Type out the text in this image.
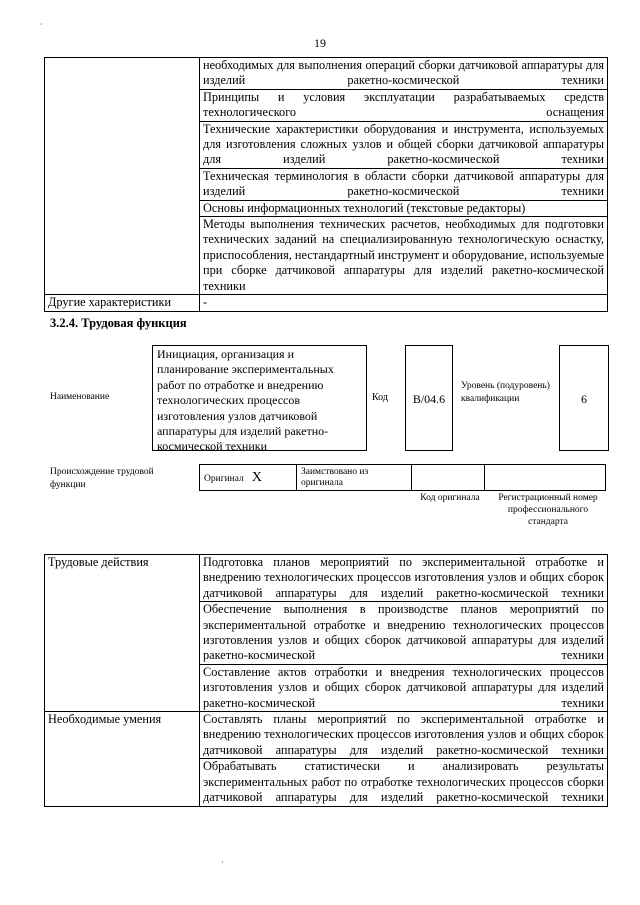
·
19
	необходимых для выполнения операций сборки датчиковой аппаратуры для изделий ракетно-космической техники
	Принципы и условия эксплуатации разрабатываемых средств технологического оснащения
	Технические характеристики оборудования и инструмента, используемых для изготовления сложных узлов и общей сборки датчиковой аппаратуры для изделий ракетно-космической техники
	Техническая терминология в области сборки датчиковой аппаратуры для изделий ракетно-космической техники
	Основы информационных технологий (текстовые редакторы)
	Методы выполнения технических расчетов, необходимых для подготовки технических заданий на специализированную технологическую оснастку, приспособления, нестандартный инструмент и оборудование, используемые при сборке датчиковой аппаратуры для изделий ракетно-космической техники
Другие характеристики	-
3.2.4. Трудовая функция
Наименование
Инициация, организация и планирование экспериментальных работ по отработке и внедрению технологических процессов изготовления узлов датчиковой аппаратуры для изделий ракетно-космической техники
Код	B/04.6
Уровень (подуровень) квалификации	6
Происхождение трудовой функции
Оригинал X	Заимствовано из оригинала		
Код оригинала	Регистрационный номер профессионального стандарта
Трудовые действия	Подготовка планов мероприятий по экспериментальной отработке и внедрению технологических процессов изготовления узлов и общих сборок датчиковой аппаратуры для изделий ракетно-космической техники
	Обеспечение выполнения в производстве планов мероприятий по экспериментальной отработке и внедрению технологических процессов изготовления узлов и общих сборок датчиковой аппаратуры для изделий ракетно-космической техники
	Составление актов отработки и внедрения технологических процессов изготовления узлов и общих сборок датчиковой аппаратуры для изделий ракетно-космической техники
Необходимые умения	Составлять планы мероприятий по экспериментальной отработке и внедрению технологических процессов изготовления узлов и общих сборок датчиковой аппаратуры для изделий ракетно-космической техники
	Обрабатывать статистически и анализировать результаты экспериментальных работ по отработке технологических процессов сборки датчиковой аппаратуры для изделий ракетно-космической техники
·
